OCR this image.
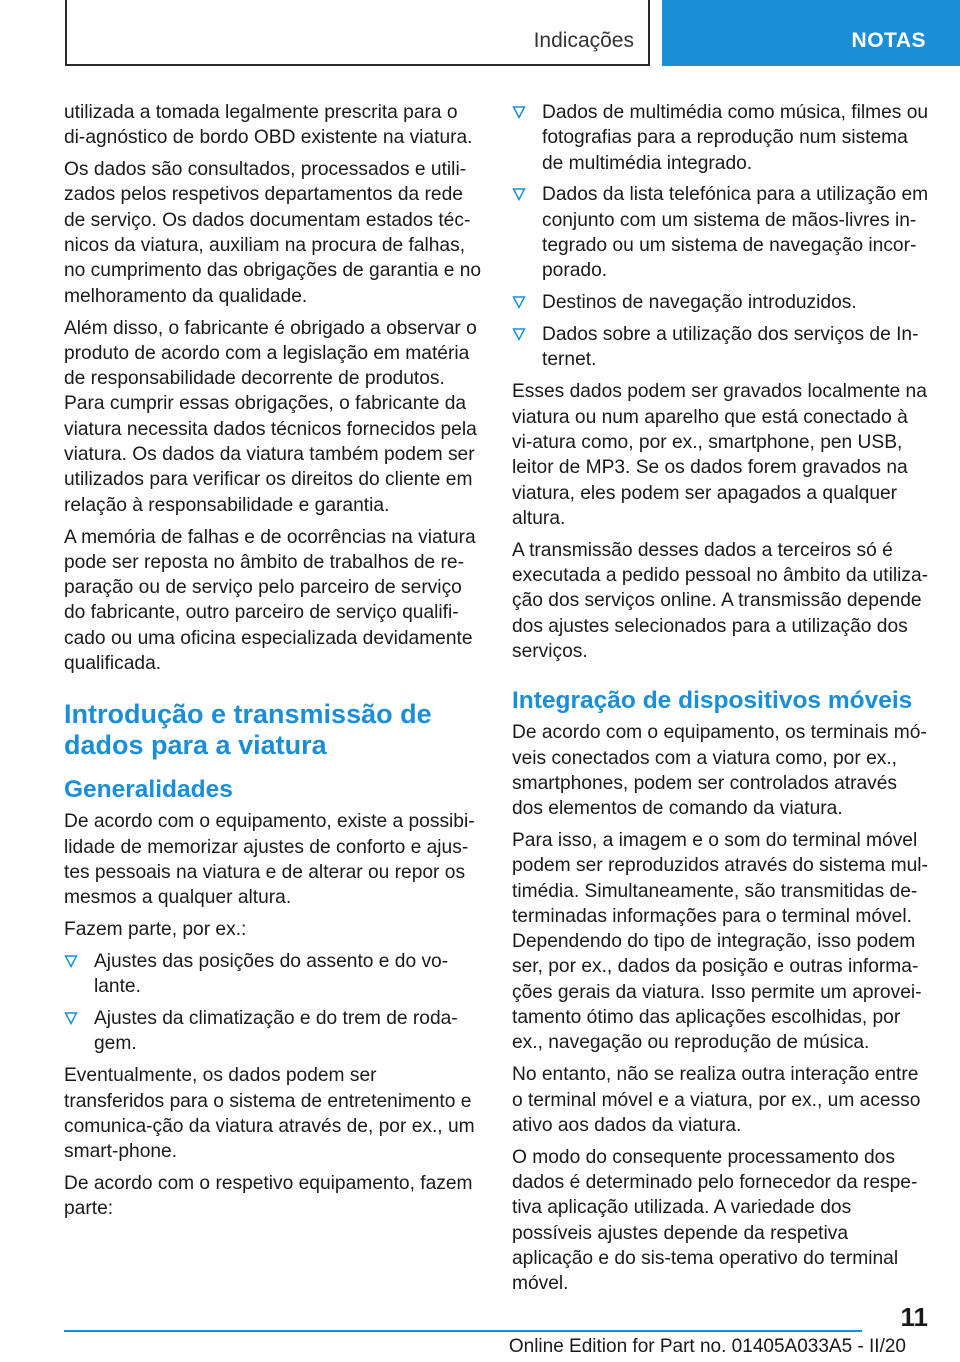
Indicações	NOTAS

utilizada a tomada legalmente prescrita para o di‐agnóstico de bordo OBD existente na viatura.

Os dados são consultados, processados e utili‐zados pelos respetivos departamentos da rede de serviço. Os dados documentam estados téc‐nicos da viatura, auxiliam na procura de falhas, no cumprimento das obrigações de garantia e no melhoramento da qualidade.

Além disso, o fabricante é obrigado a observar o produto de acordo com a legislação em matéria de responsabilidade decorrente de produtos. Para cumprir essas obrigações, o fabricante da viatura necessita dados técnicos fornecidos pela viatura. Os dados da viatura também podem ser utilizados para verificar os direitos do cliente em relação à responsabilidade e garantia.

A memória de falhas e de ocorrências na viatura pode ser reposta no âmbito de trabalhos de re‐paração ou de serviço pelo parceiro de serviço do fabricante, outro parceiro de serviço qualifi‐cado ou uma oficina especializada devidamente qualificada.

Introdução e transmissão de dados para a viatura
Generalidades

De acordo com o equipamento, existe a possibi‐lidade de memorizar ajustes de conforto e ajus‐tes pessoais na viatura e de alterar ou repor os mesmos a qualquer altura.

Fazem parte, por ex.:

Ajustes das posições do assento e do vo‐lante.

Ajustes da climatização e do trem de roda‐gem.

Eventualmente, os dados podem ser transferidos para o sistema de entretenimento e comunica‐ção da viatura através de, por ex., um smart‐phone.

De acordo com o respetivo equipamento, fazem parte:

Dados de multimédia como música, filmes ou fotografias para a reprodução num sistema de multimédia integrado.

Dados da lista telefónica para a utilização em conjunto com um sistema de mãos-livres in‐tegrado ou um sistema de navegação incor‐porado.

Destinos de navegação introduzidos.

Dados sobre a utilização dos serviços de In‐ternet.

Esses dados podem ser gravados localmente na viatura ou num aparelho que está conectado à vi‐atura como, por ex., smartphone, pen USB, leitor de MP3. Se os dados forem gravados na viatura, eles podem ser apagados a qualquer altura.

A transmissão desses dados a terceiros só é executada a pedido pessoal no âmbito da utiliza‐ção dos serviços online. A transmissão depende dos ajustes selecionados para a utilização dos serviços.

Integração de dispositivos móveis

De acordo com o equipamento, os terminais mó‐veis conectados com a viatura como, por ex., smartphones, podem ser controlados através dos elementos de comando da viatura.

Para isso, a imagem e o som do terminal móvel podem ser reproduzidos através do sistema mul‐timédia. Simultaneamente, são transmitidas de‐terminadas informações para o terminal móvel. Dependendo do tipo de integração, isso podem ser, por ex., dados da posição e outras informa‐ções gerais da viatura. Isso permite um aprovei‐tamento ótimo das aplicações escolhidas, por ex., navegação ou reprodução de música.

No entanto, não se realiza outra interação entre o terminal móvel e a viatura, por ex., um acesso ativo aos dados da viatura.

O modo do consequente processamento dos dados é determinado pelo fornecedor da respe‐tiva aplicação utilizada. A variedade dos possíveis ajustes depende da respetiva aplicação e do sis‐tema operativo do terminal móvel.

11
Online Edition for Part no. 01405A033A5 - II/20
